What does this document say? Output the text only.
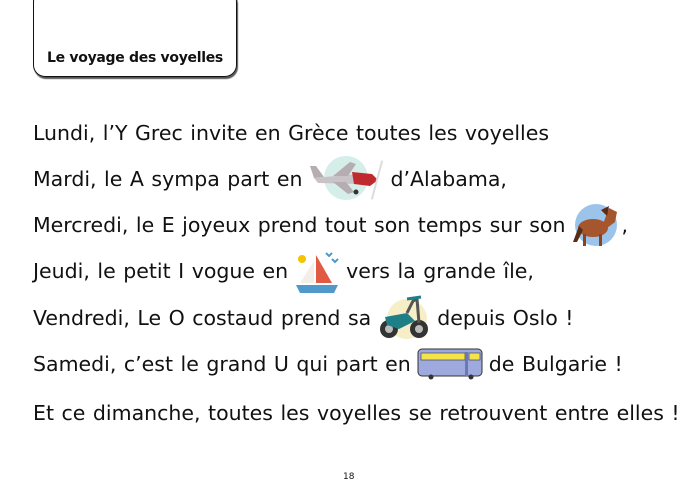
Le voyage des voyelles
Lundi, l’Y Grec invite en Grèce toutes les voyelles
Mardi, le A sympa part en	d’Alabama,
Mercredi, le E joyeux prend tout son temps sur son	,
Jeudi, le petit I vogue en	vers la grande île,
Vendredi, Le O costaud prend sa	depuis Oslo !
Samedi, c’est le grand U qui part en	de Bulgarie !
Et ce dimanche, toutes les voyelles se retrouvent entre elles !
18
